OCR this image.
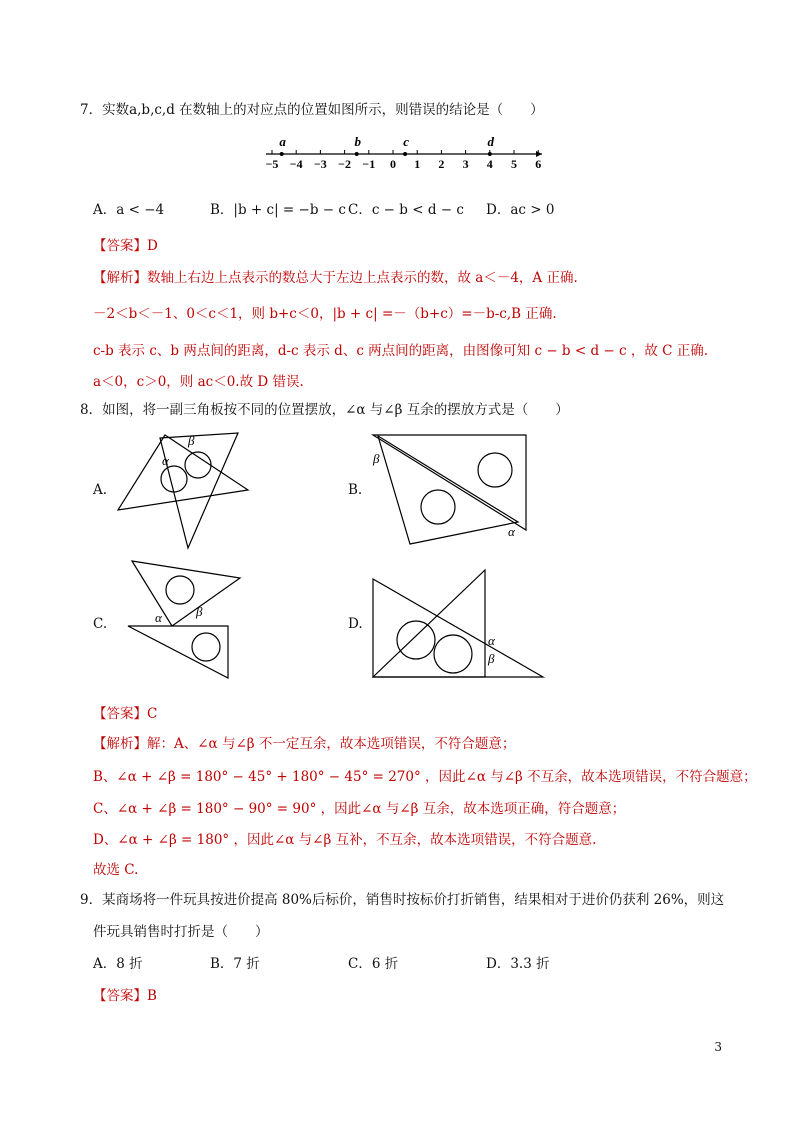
7．实数a,b,c,d 在数轴上的对应点的位置如图所示，则错误的结论是（　　）
−5 −4 −3 −2 −1 0 1 2 3 4 5 6
a	b	c	d
A．a < −4	B．|b + c| = −b − c C．c − b < d − c D．ac > 0
【答案】D
【解析】数轴上右边上点表示的数总大于左边上点表示的数，故 a＜－4，A 正确.
－2＜b＜－1、0＜c＜1，则 b+c＜0，|b + c| =－（b+c）=－b-c,B 正确.
c-b 表示 c、b 两点间的距离，d-c 表示 d、c 两点间的距离，由图像可知 c − b < d − c ，故 C 正确.
a＜0，c＞0，则 ac＜0.故 D 错误.
8．如图，将一副三角板按不同的位置摆放，∠α 与∠β 互余的摆放方式是（　　）
A.
α
β
B.
β
α
C.	α	β
D.
α
β
【答案】C
【解析】解：A、∠α 与∠β 不一定互余，故本选项错误，不符合题意；
B、∠α + ∠β = 180° − 45° + 180° − 45° = 270° ，因此∠α 与∠β 不互余，故本选项错误，不符合题意；
C、∠α + ∠β = 180° − 90° = 90° ，因此∠α 与∠β 互余，故本选项正确，符合题意；
D、∠α + ∠β = 180° ，因此∠α 与∠β 互补，不互余，故本选项错误，不符合题意.
故选 C.
9．某商场将一件玩具按进价提高 80%后标价，销售时按标价打折销售，结果相对于进价仍获利 26%，则这
件玩具销售时打折是（　　）
A．8 折	B．7 折	C．6 折	D．3.3 折
【答案】B
3
